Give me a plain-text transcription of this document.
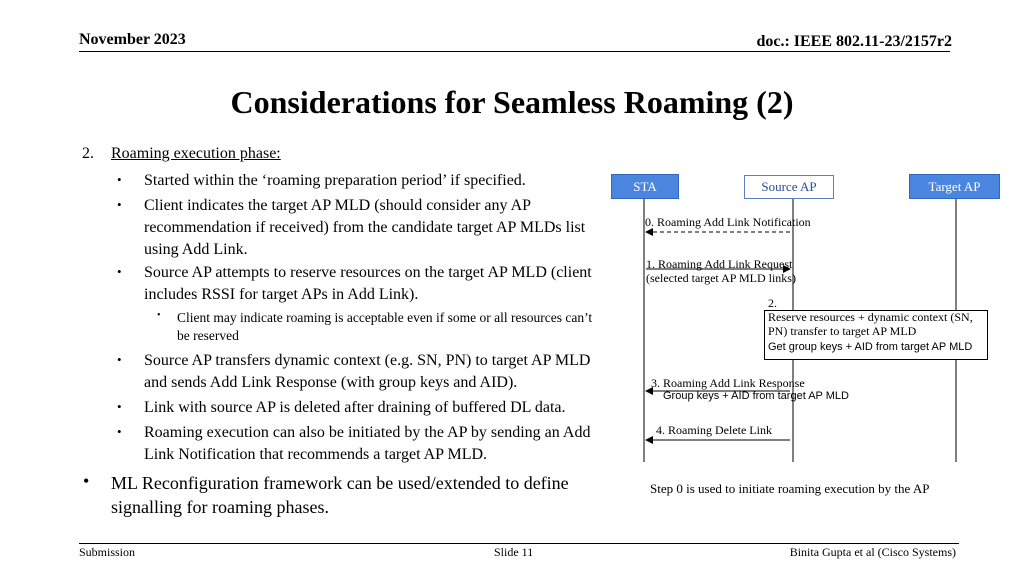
November 2023	doc.: IEEE 802.11-23/2157r2
Considerations for Seamless Roaming (2)
2. Roaming execution phase:
• Started within the ‘roaming preparation period’ if specified.
• Client indicates the target AP MLD (should consider any AP recommendation if received) from the candidate target AP MLDs list using Add Link.
• Source AP attempts to reserve resources on the target AP MLD (client includes RSSI for target APs in Add Link).
• Client may indicate roaming is acceptable even if some or all resources can’t be reserved
• Source AP transfers dynamic context (e.g. SN, PN) to target AP MLD and sends Add Link Response (with group keys and AID).
• Link with source AP is deleted after draining of buffered DL data.
• Roaming execution can also be initiated by the AP by sending an Add Link Notification that recommends a target AP MLD.
• ML Reconfiguration framework can be used/extended to define signalling for roaming phases.
STA	Source AP	Target AP
0. Roaming Add Link Notification
1. Roaming Add Link Request
(selected target AP MLD links)
2.
Reserve resources + dynamic context (SN,
PN) transfer to target AP MLD
Get group keys + AID from target AP MLD
3. Roaming Add Link Response
Group keys + AID from target AP MLD
4. Roaming Delete Link
Step 0 is used to initiate roaming execution by the AP
Submission	Slide 11	Binita Gupta et al (Cisco Systems)
